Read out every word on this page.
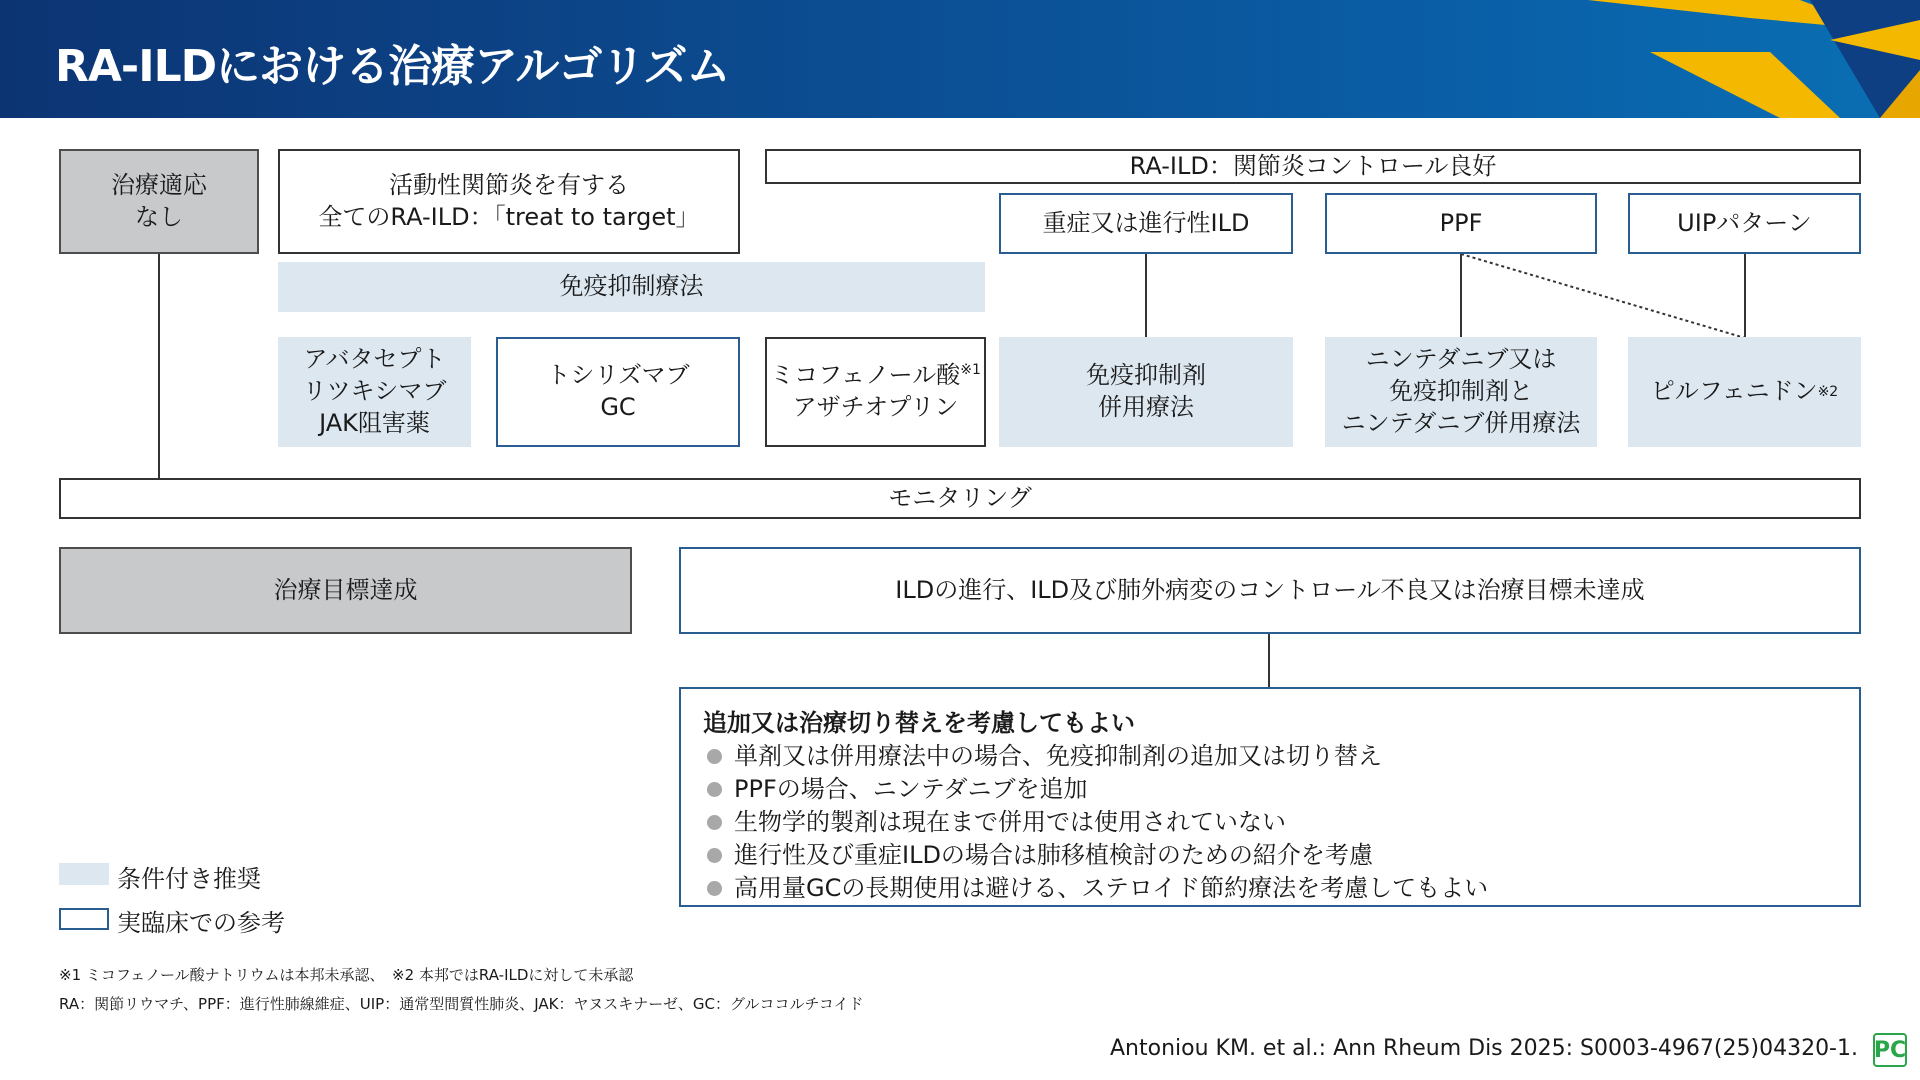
RA-ILDにおける治療アルゴリズム
治療適応
なし
活動性関節炎を有する
全てのRA-ILD：「treat to target」
RA-ILD：関節炎コントロール良好
重症又は進行性ILD	PPF	UIPパターン
免疫抑制療法
アバタセプト
リツキシマブ
JAK阻害薬
トシリズマブ
GC
ミコフェノール酸$^{※1}$
アザチオプリン
免疫抑制剤
併用療法
ニンテダニブ又は
免疫抑制剤と
ニンテダニブ併用療法
ピルフェニドン ※2
モニタリング
治療目標達成	ILDの進行、ILD及び肺外病変のコントロール不良又は治療目標未達成
追加又は治療切り替えを考慮してもよい
単剤又は併用療法中の場合、免疫抑制剤の追加又は切り替え
PPFの場合、ニンテダニブを追加
生物学的製剤は現在まで併用では使用されていない
進行性及び重症ILDの場合は肺移植検討のための紹介を考慮
高用量GCの長期使用は避ける、ステロイド節約療法を考慮してもよい
条件付き推奨
実臨床での参考
※1 ミコフェノール酸ナトリウムは本邦未承認、　※2 本邦ではRA-ILDに対して未承認
RA：関節リウマチ、PPF：進行性肺線維症、UIP：通常型間質性肺炎、JAK：ヤヌスキナーゼ、GC：グルココルチコイド
Antoniou KM. et al.: Ann Rheum Dis 2025: S0003-4967(25)04320-1. PC
